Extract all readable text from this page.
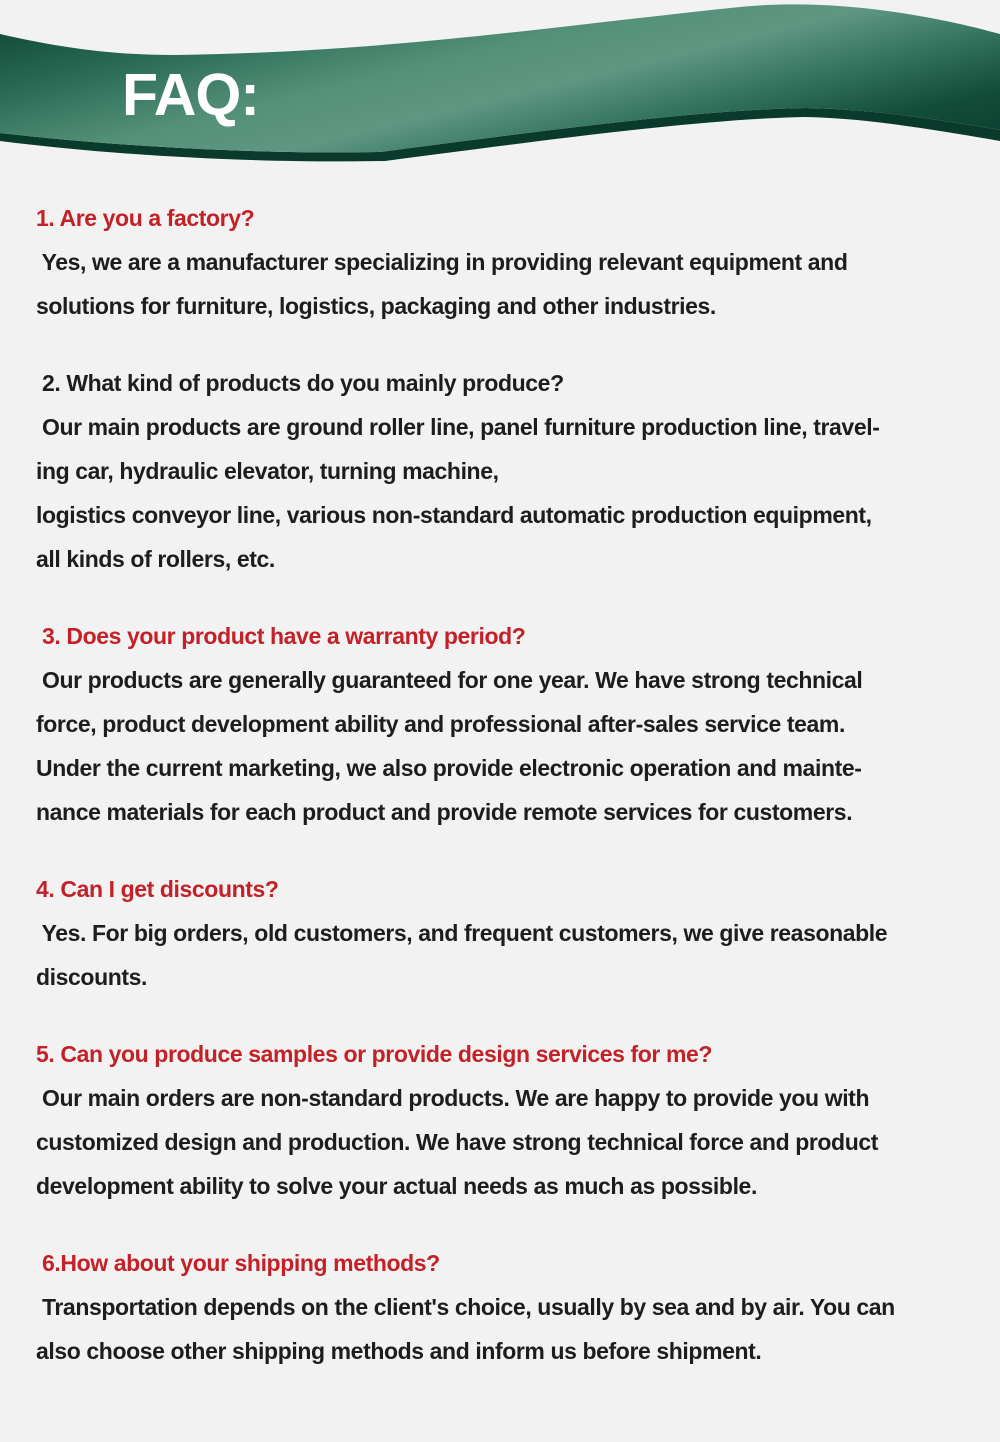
FAQ:
1. Are you a factory?

Yes, we are a manufacturer specializing in providing relevant equipment and

solutions for furniture, logistics, packaging and other industries.

2. What kind of products do you mainly produce?

Our main products are ground roller line, panel furniture production line, travel-

ing car, hydraulic elevator, turning machine,

logistics conveyor line, various non-standard automatic production equipment,

all kinds of rollers, etc.

3. Does your product have a warranty period?

Our products are generally guaranteed for one year. We have strong technical

force, product development ability and professional after-sales service team.

Under the current marketing, we also provide electronic operation and mainte-

nance materials for each product and provide remote services for customers.

4. Can I get discounts?

Yes. For big orders, old customers, and frequent customers, we give reasonable

discounts.

5. Can you produce samples or provide design services for me?

Our main orders are non-standard products. We are happy to provide you with

customized design and production. We have strong technical force and product

development ability to solve your actual needs as much as possible.

6.How about your shipping methods?

Transportation depends on the client's choice, usually by sea and by air. You can

also choose other shipping methods and inform us before shipment.
